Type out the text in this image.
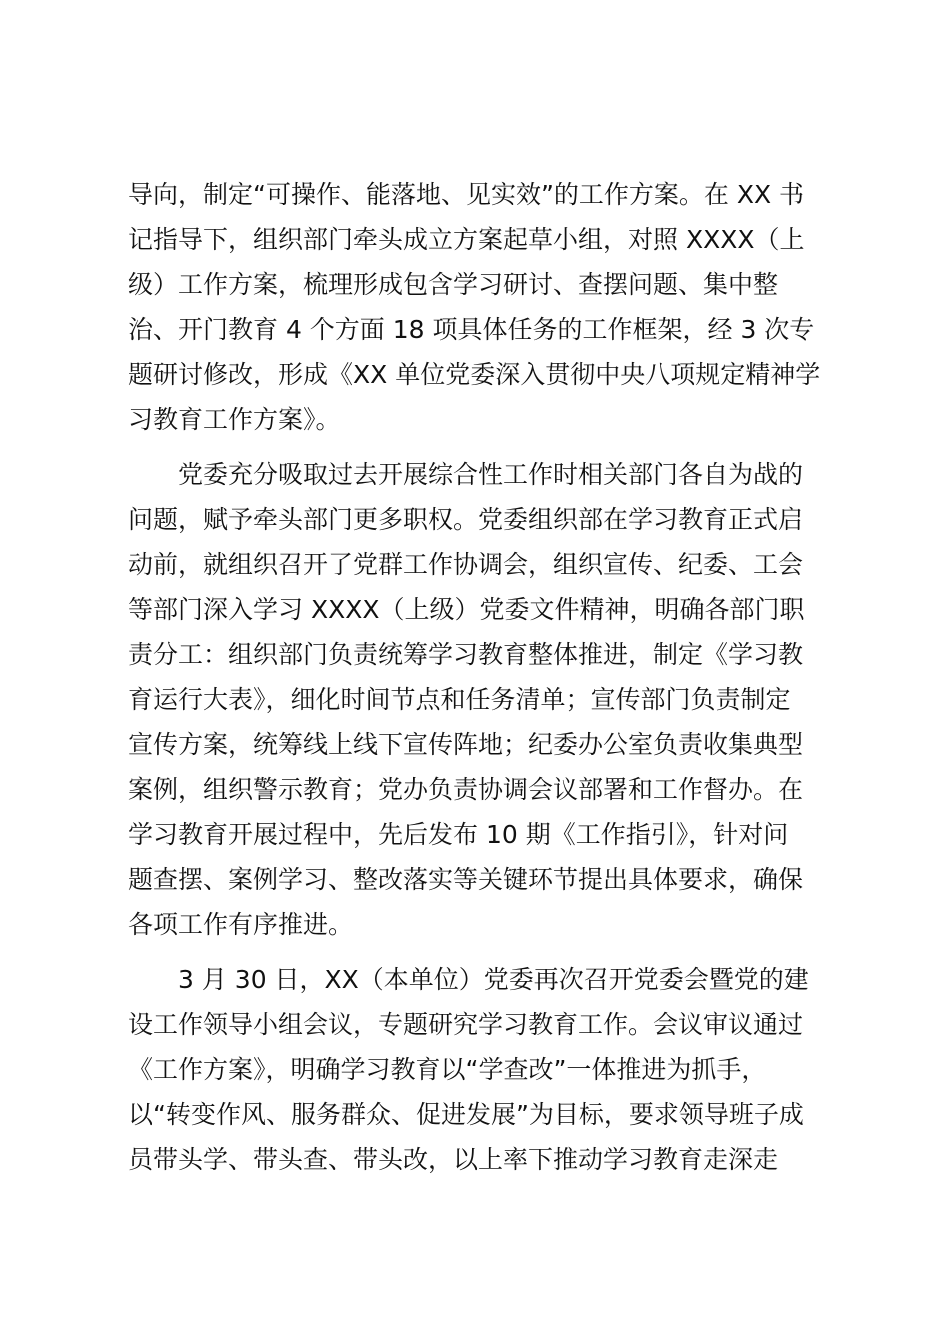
导向，制定“可操作、能落地、见实效”的工作方案。在 XX 书
记指导下，组织部门牵头成立方案起草小组，对照 XXXX（上
级）工作方案，梳理形成包含学习研讨、查摆问题、集中整
治、开门教育 4 个方面 18 项具体任务的工作框架，经 3 次专
题研讨修改，形成《XX 单位党委深入贯彻中央八项规定精神学
习教育工作方案》。
党委充分吸取过去开展综合性工作时相关部门各自为战的
问题，赋予牵头部门更多职权。党委组织部在学习教育正式启
动前，就组织召开了党群工作协调会，组织宣传、纪委、工会
等部门深入学习 XXXX（上级）党委文件精神，明确各部门职
责分工：组织部门负责统筹学习教育整体推进，制定《学习教
育运行大表》，细化时间节点和任务清单；宣传部门负责制定
宣传方案，统筹线上线下宣传阵地；纪委办公室负责收集典型
案例，组织警示教育；党办负责协调会议部署和工作督办。在
学习教育开展过程中，先后发布 10 期《工作指引》，针对问
题查摆、案例学习、整改落实等关键环节提出具体要求，确保
各项工作有序推进。
3 月 30 日，XX（本单位）党委再次召开党委会暨党的建
设工作领导小组会议，专题研究学习教育工作。会议审议通过
《工作方案》，明确学习教育以“学查改”一体推进为抓手，
以“转变作风、服务群众、促进发展”为目标，要求领导班子成
员带头学、带头查、带头改，以上率下推动学习教育走深走
